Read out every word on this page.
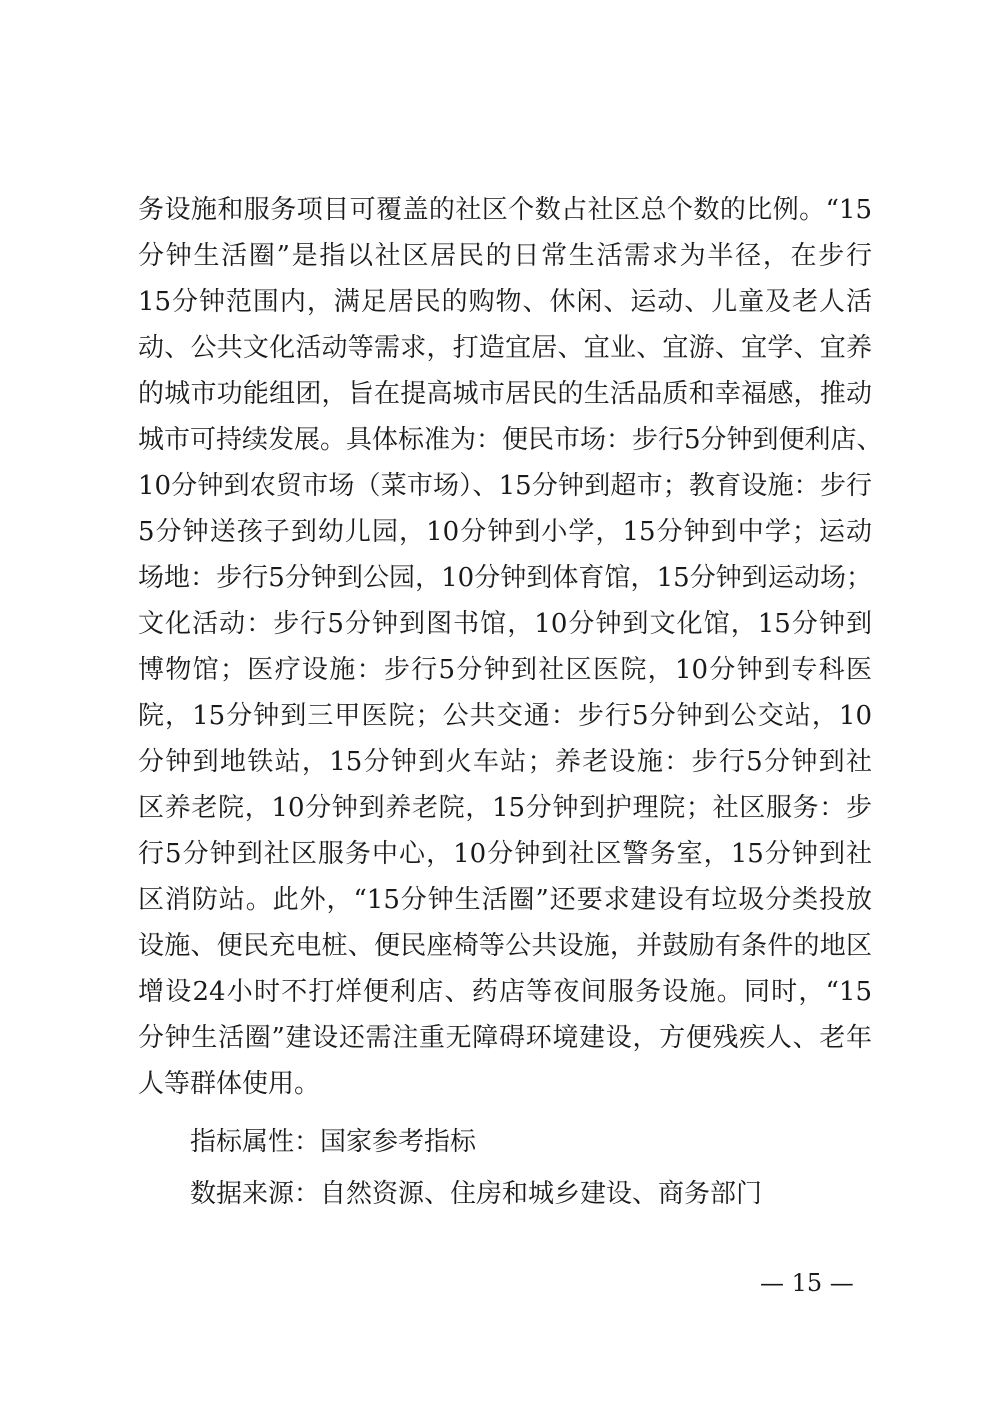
务设施和服务项目可覆盖的社区个数占社区总个数的比例。“15
分钟生活圈”是指以社区居民的日常生活需求为半径，在步行
15分钟范围内，满足居民的购物、休闲、运动、儿童及老人活
动、公共文化活动等需求，打造宜居、宜业、宜游、宜学、宜养
的城市功能组团，旨在提高城市居民的生活品质和幸福感，推动
城市可持续发展。具体标准为：便民市场：步行5分钟到便利店、
10分钟到农贸市场（菜市场）、15分钟到超市；教育设施：步行
5分钟送孩子到幼儿园，10分钟到小学，15分钟到中学；运动
场地：步行5分钟到公园，10分钟到体育馆，15分钟到运动场；
文化活动：步行5分钟到图书馆，10分钟到文化馆，15分钟到
博物馆；医疗设施：步行5分钟到社区医院，10分钟到专科医
院，15分钟到三甲医院；公共交通：步行5分钟到公交站，10
分钟到地铁站，15分钟到火车站；养老设施：步行5分钟到社
区养老院，10分钟到养老院，15分钟到护理院；社区服务：步
行5分钟到社区服务中心，10分钟到社区警务室，15分钟到社
区消防站。此外，“15分钟生活圈”还要求建设有垃圾分类投放
设施、便民充电桩、便民座椅等公共设施，并鼓励有条件的地区
增设24小时不打烊便利店、药店等夜间服务设施。同时，“15
分钟生活圈”建设还需注重无障碍环境建设，方便残疾人、老年
人等群体使用。
指标属性：国家参考指标
数据来源：自然资源、住房和城乡建设、商务部门
— 15 —
